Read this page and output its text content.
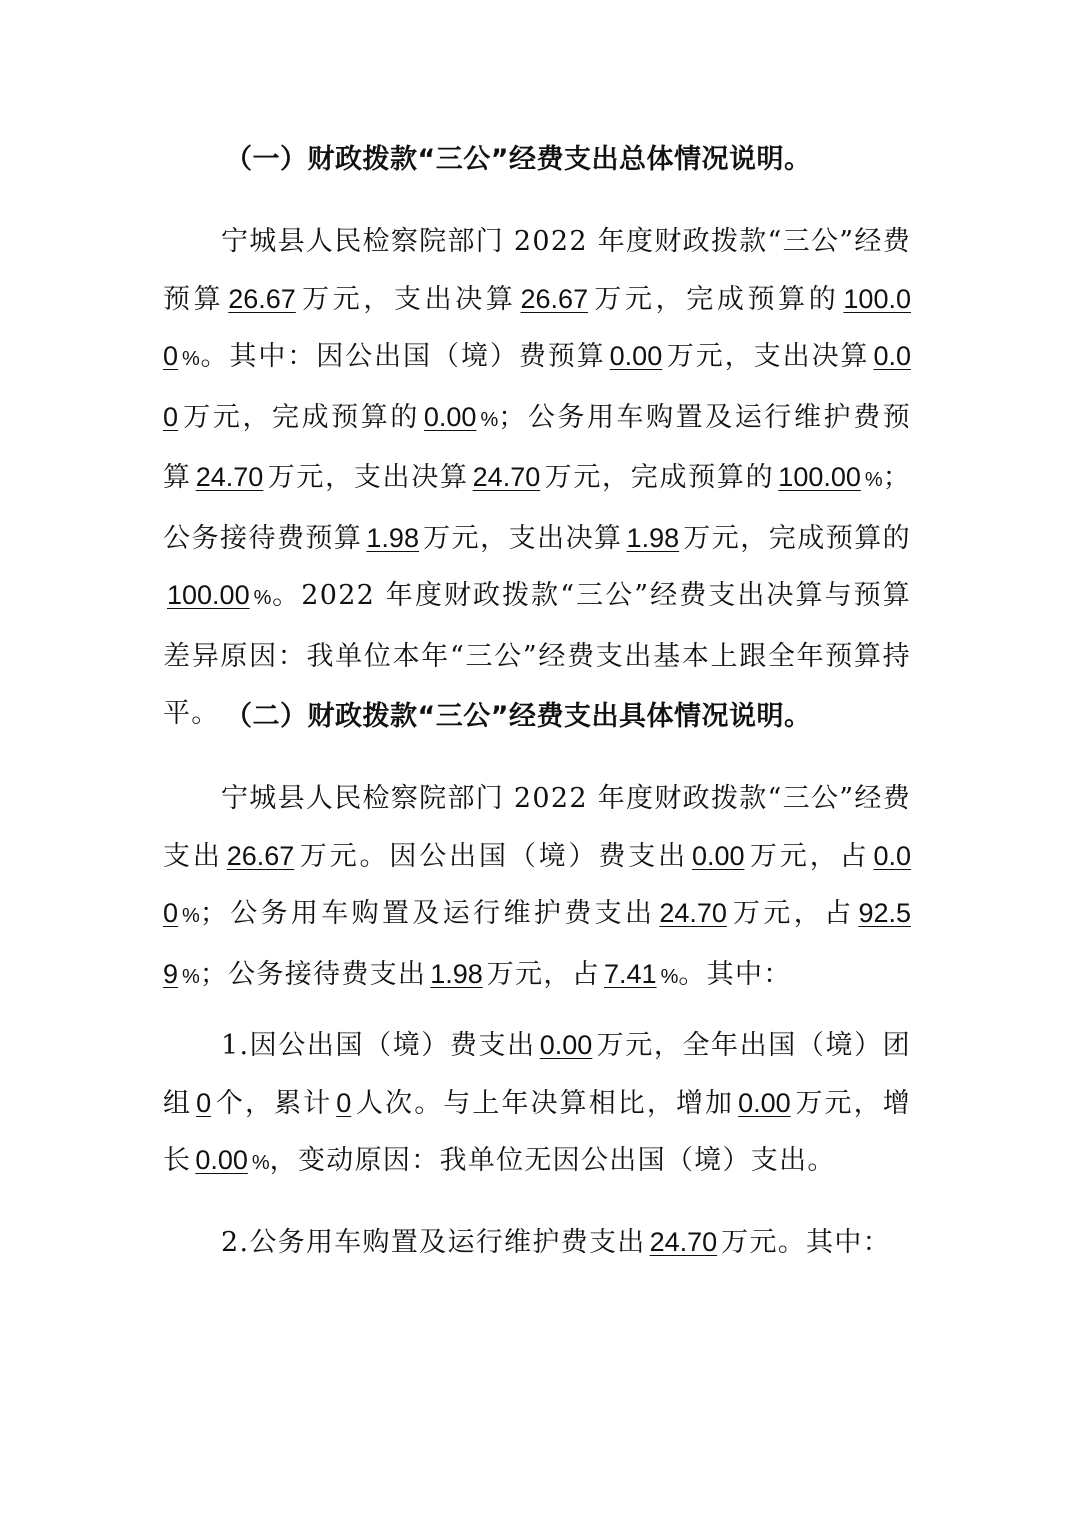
（一）财政拨款“三公”经费支出总体情况说明。
宁城县人民检察院部门 2022 年度财政拨款“三公”经费预算 26.67 万元，支出决算 26.67 万元，完成预算的 100.00 %。其中：因公出国（境）费预算 0.00 万元，支出决算 0.00 万元，完成预算的 0.00 %；公务用车购置及运行维护费预算 24.70 万元，支出决算 24.70 万元，完成预算的 100.00 %；公务接待费预算 1.98 万元，支出决算 1.98 万元，完成预算的100.00 %。2022 年度财政拨款“三公”经费支出决算与预算差异原因：我单位本年“三公”经费支出基本上跟全年预算持平。 （二）财政拨款“三公”经费支出具体情况说明。
宁城县人民检察院部门 2022 年度财政拨款“三公”经费支出 26.67 万元。因公出国（境）费支出 0.00 万元，占 0.00 %；公务用车购置及运行维护费支出 24.70 万元，占 92.59 %；公务接待费支出 1.98 万元，占 7.41 %。其中：
1.因公出国（境）费支出 0.00 万元，全年出国（境）团组 0 个，累计 0 人次。与上年决算相比，增加 0.00 万元，增长 0.00 %，变动原因：我单位无因公出国（境）支出。
2.公务用车购置及运行维护费支出 24.70 万元。其中：
